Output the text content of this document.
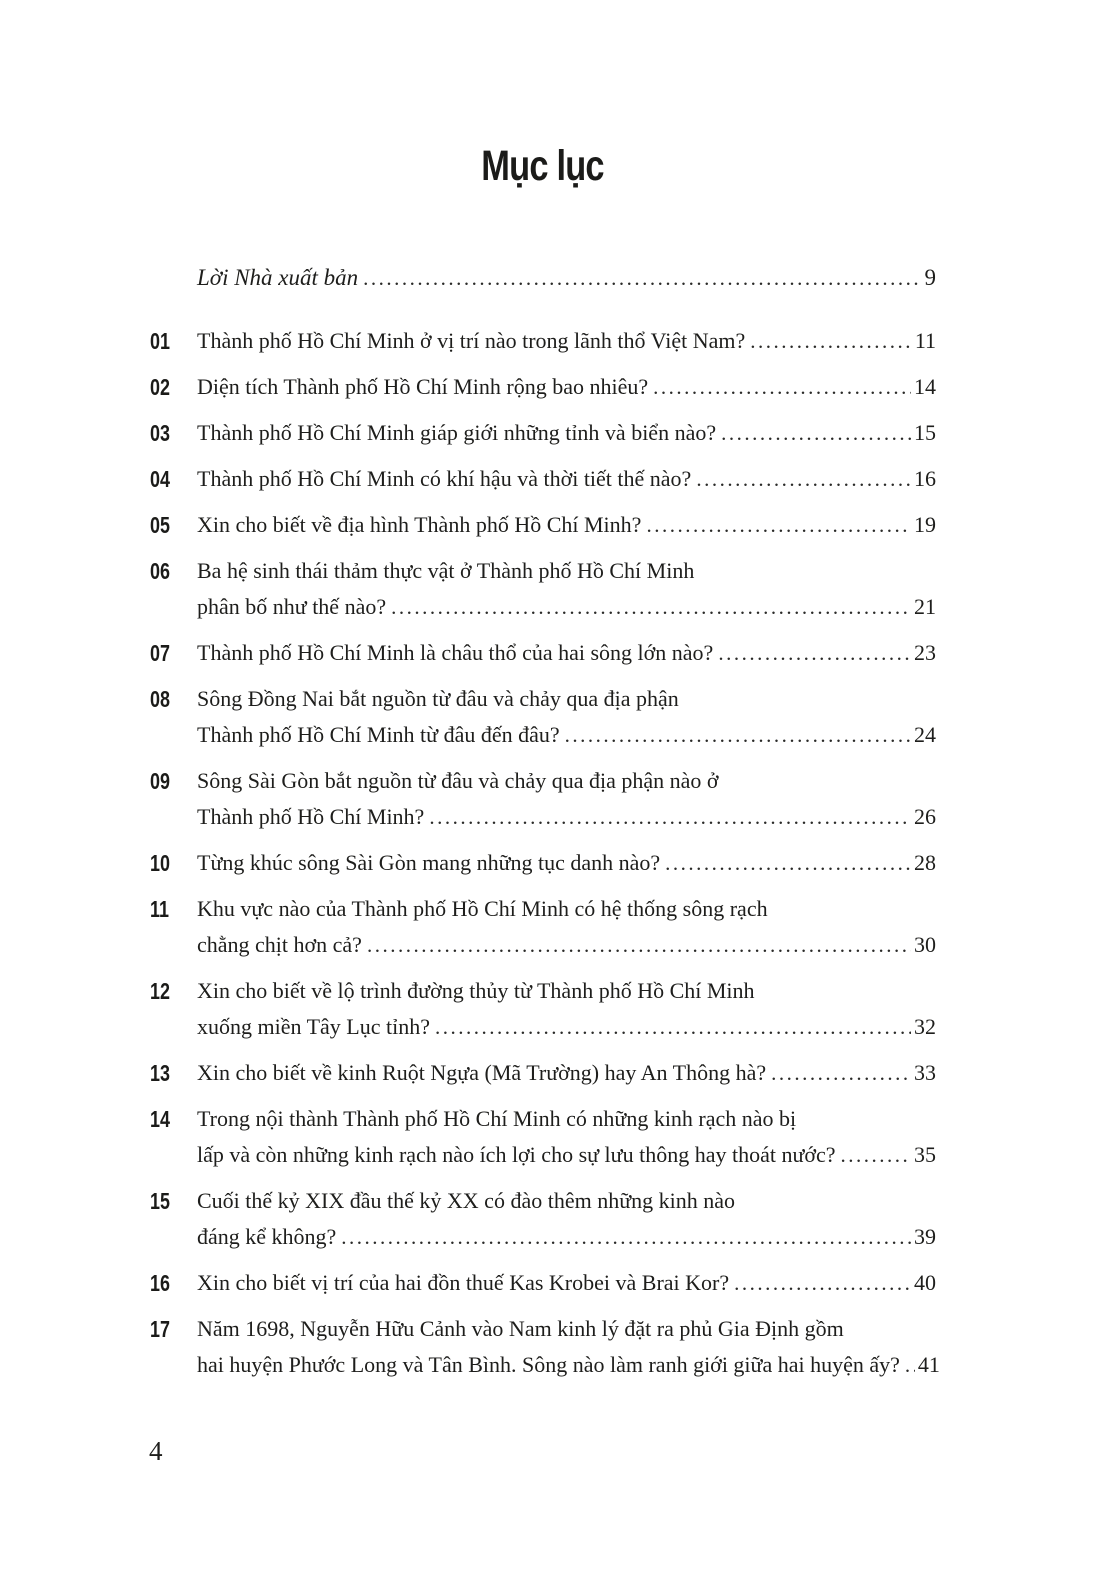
Mục lục
Lời Nhà xuất bản .....	9
01	Thành phố Hồ Chí Minh ở vị trí nào trong lãnh thổ Việt Nam? .....	11
02	Diện tích Thành phố Hồ Chí Minh rộng bao nhiêu? .....	14
03	Thành phố Hồ Chí Minh giáp giới những tỉnh và biển nào? .....	15
04	Thành phố Hồ Chí Minh có khí hậu và thời tiết thế nào? .....	16
05	Xin cho biết về địa hình Thành phố Hồ Chí Minh? .....	19
06	Ba hệ sinh thái thảm thực vật ở Thành phố Hồ Chí Minh
phân bố như thế nào? .....	21
07	Thành phố Hồ Chí Minh là châu thổ của hai sông lớn nào? .....	23
08	Sông Đồng Nai bắt nguồn từ đâu và chảy qua địa phận
Thành phố Hồ Chí Minh từ đâu đến đâu? .....	24
09	Sông Sài Gòn bắt nguồn từ đâu và chảy qua địa phận nào ở
Thành phố Hồ Chí Minh? .....	26
10	Từng khúc sông Sài Gòn mang những tục danh nào? .....	28
11	Khu vực nào của Thành phố Hồ Chí Minh có hệ thống sông rạch
chằng chịt hơn cả? .....	30
12	Xin cho biết về lộ trình đường thủy từ Thành phố Hồ Chí Minh
xuống miền Tây Lục tỉnh? .....	32
13	Xin cho biết về kinh Ruột Ngựa (Mã Trường) hay An Thông hà? .....	33
14	Trong nội thành Thành phố Hồ Chí Minh có những kinh rạch nào bị
lấp và còn những kinh rạch nào ích lợi cho sự lưu thông hay thoát nước? .....	35
15	Cuối thế kỷ XIX đầu thế kỷ XX có đào thêm những kinh nào
đáng kể không? .....	39
16	Xin cho biết vị trí của hai đồn thuế Kas Krobei và Brai Kor? .....	40
17	Năm 1698, Nguyễn Hữu Cảnh vào Nam kinh lý đặt ra phủ Gia Định gồm
hai huyện Phước Long và Tân Bình. Sông nào làm ranh giới giữa hai huyện ấy? ..... 41
4
